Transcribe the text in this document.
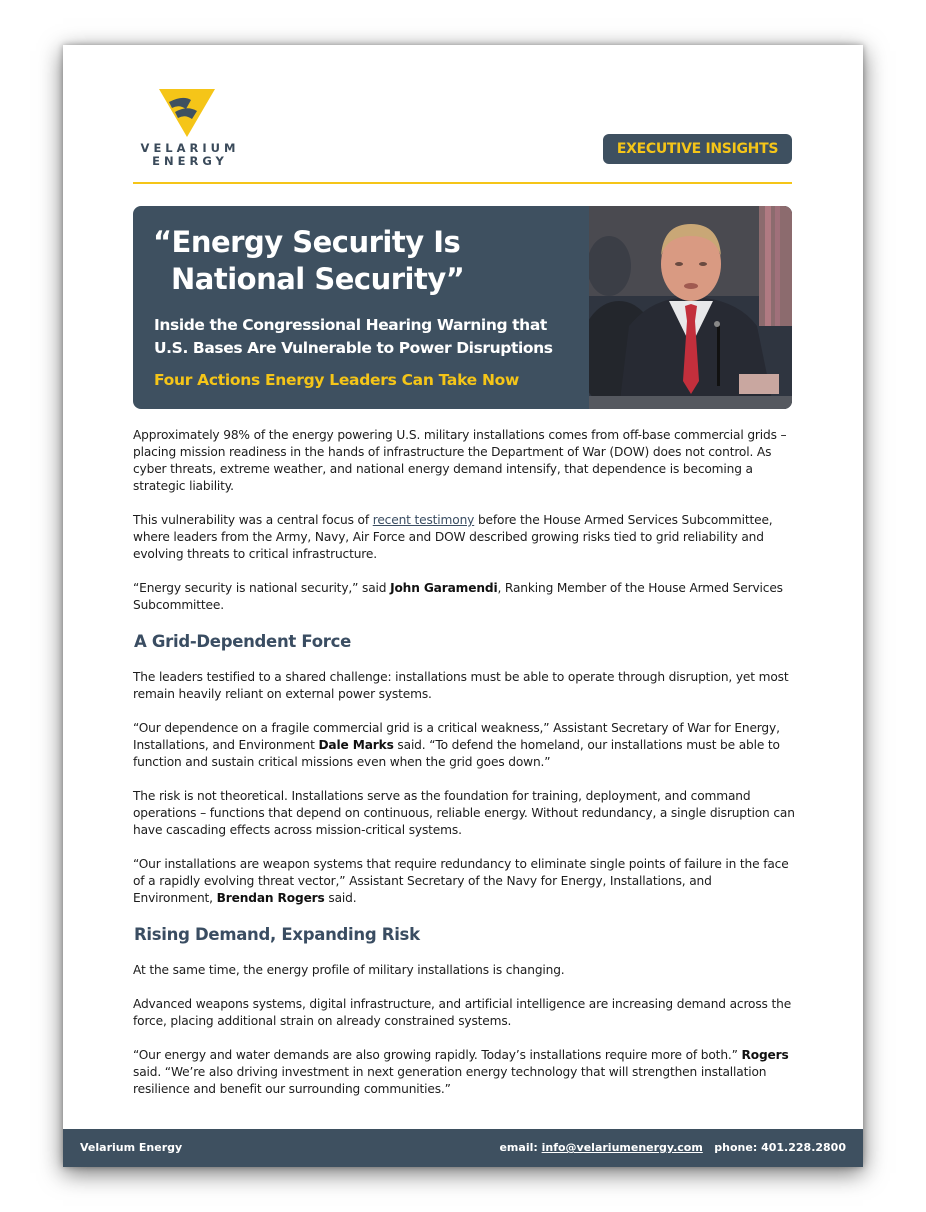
VELARIUM
ENERGY
EXECUTIVE INSIGHTS
“Energy Security Is
National Security”
Inside the Congressional Hearing Warning that U.S. Bases Are Vulnerable to Power Disruptions
Four Actions Energy Leaders Can Take Now

Approximately 98% of the energy powering U.S. military installations comes from off-base commercial grids – placing mission readiness in the hands of infrastructure the Department of War (DOW) does not control. As cyber threats, extreme weather, and national energy demand intensify, that dependence is becoming a strategic liability.

This vulnerability was a central focus of recent testimony before the House Armed Services Subcommittee, where leaders from the Army, Navy, Air Force and DOW described growing risks tied to grid reliability and evolving threats to critical infrastructure.

“Energy security is national security,” said John Garamendi, Ranking Member of the House Armed Services Subcommittee.

A Grid-Dependent Force

The leaders testified to a shared challenge: installations must be able to operate through disruption, yet most remain heavily reliant on external power systems.

“Our dependence on a fragile commercial grid is a critical weakness,” Assistant Secretary of War for Energy, Installations, and Environment Dale Marks said. “To defend the homeland, our installations must be able to function and sustain critical missions even when the grid goes down.”

The risk is not theoretical. Installations serve as the foundation for training, deployment, and command operations – functions that depend on continuous, reliable energy. Without redundancy, a single disruption can have cascading effects across mission-critical systems.

“Our installations are weapon systems that require redundancy to eliminate single points of failure in the face of a rapidly evolving threat vector,” Assistant Secretary of the Navy for Energy, Installations, and Environment, Brendan Rogers said.

Rising Demand, Expanding Risk

At the same time, the energy profile of military installations is changing.

Advanced weapons systems, digital infrastructure, and artificial intelligence are increasing demand across the force, placing additional strain on already constrained systems.

“Our energy and water demands are also growing rapidly. Today’s installations require more of both.” Rogers said. “We’re also driving investment in next generation energy technology that will strengthen installation resilience and benefit our surrounding communities.”

Velarium Energy	email: info@velariumenergy.com phone: 401.228.2800
